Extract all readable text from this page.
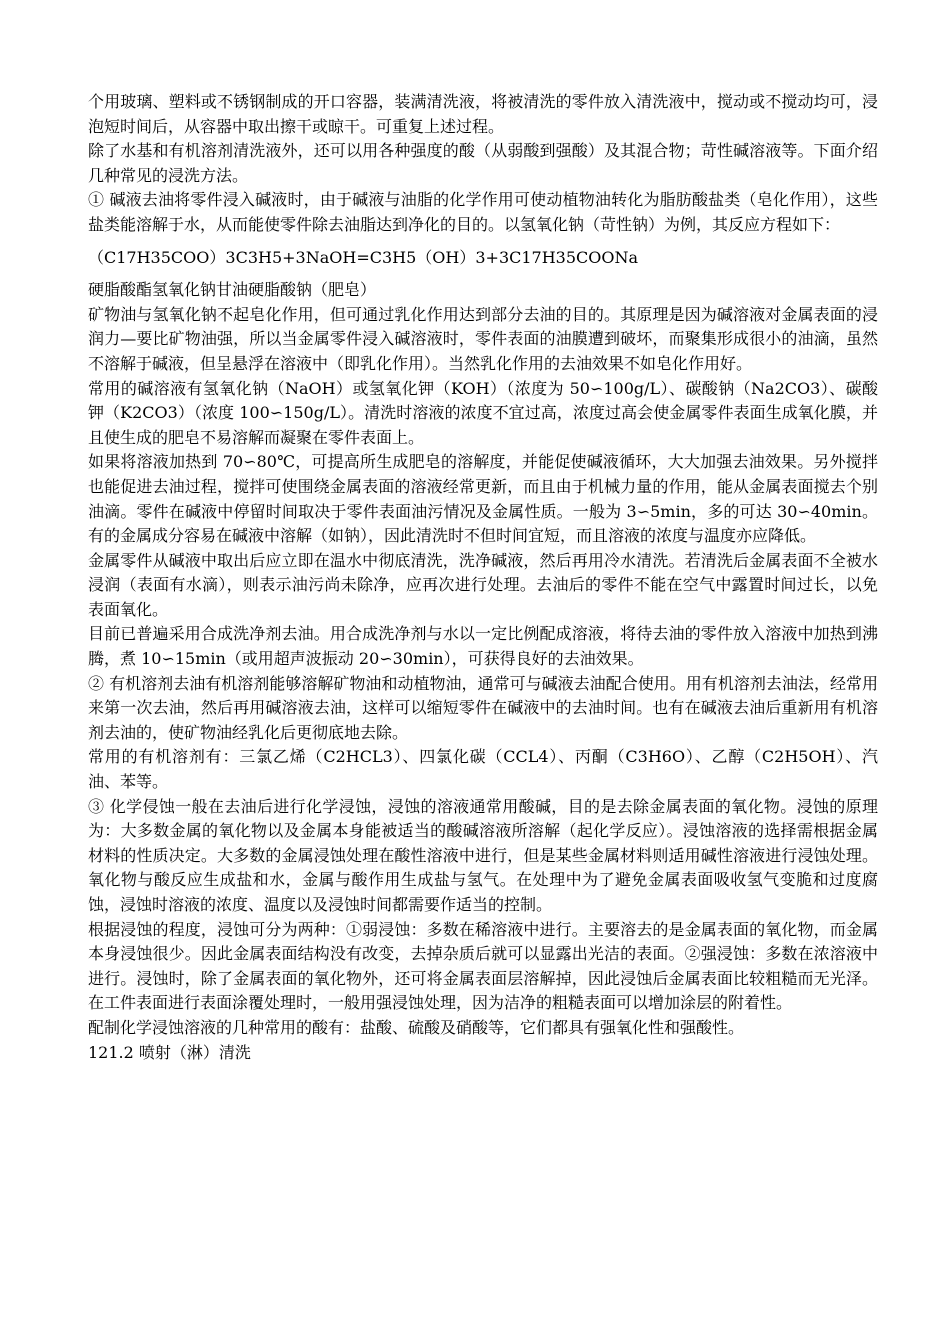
个用玻璃、塑料或不锈钢制成的开口容器，装满清洗液，将被清洗的零件放入清洗液中，搅动或不搅动均可，浸泡短时间后，从容器中取出擦干或晾干。可重复上述过程。

除了水基和有机溶剂清洗液外，还可以用各种强度的酸（从弱酸到强酸）及其混合物；苛性碱溶液等。下面介绍几种常见的浸洗方法。

① 碱液去油将零件浸入碱液时，由于碱液与油脂的化学作用可使动植物油转化为脂肪酸盐类（皂化作用），这些盐类能溶解于水，从而能使零件除去油脂达到净化的目的。以氢氧化钠（苛性钠）为例，其反应方程如下：

（C17H35COO）3C3H5+3NaOH=C3H5（OH）3+3C17H35COONa

硬脂酸酯氢氧化钠甘油硬脂酸钠（肥皂）

矿物油与氢氧化钠不起皂化作用，但可通过乳化作用达到部分去油的目的。其原理是因为碱溶液对金属表面的浸润力—要比矿物油强，所以当金属零件浸入碱溶液时，零件表面的油膜遭到破坏，而聚集形成很小的油滴，虽然不溶解于碱液，但呈悬浮在溶液中（即乳化作用）。当然乳化作用的去油效果不如皂化作用好。

常用的碱溶液有氢氧化钠（NaOH）或氢氧化钾（KOH）（浓度为 50∽100g/L）、碳酸钠（Na2CO3）、碳酸钾（K2CO3）（浓度 100∽150g/L）。清洗时溶液的浓度不宜过高，浓度过高会使金属零件表面生成氧化膜，并且使生成的肥皂不易溶解而凝聚在零件表面上。

如果将溶液加热到 70∽80℃，可提高所生成肥皂的溶解度，并能促使碱液循环，大大加强去油效果。另外搅拌也能促进去油过程，搅拌可使围绕金属表面的溶液经常更新，而且由于机械力量的作用，能从金属表面搅去个别油滴。零件在碱液中停留时间取决于零件表面油污情况及金属性质。一般为 3∽5min，多的可达 30∽40min。有的金属成分容易在碱液中溶解（如钠），因此清洗时不但时间宜短，而且溶液的浓度与温度亦应降低。

金属零件从碱液中取出后应立即在温水中彻底清洗，洗净碱液，然后再用冷水清洗。若清洗后金属表面不全被水浸润（表面有水滴），则表示油污尚未除净，应再次进行处理。去油后的零件不能在空气中露置时间过长，以免表面氧化。

目前已普遍采用合成洗净剂去油。用合成洗净剂与水以一定比例配成溶液，将待去油的零件放入溶液中加热到沸腾，煮 10∽15min（或用超声波振动 20∽30min），可获得良好的去油效果。

② 有机溶剂去油有机溶剂能够溶解矿物油和动植物油，通常可与碱液去油配合使用。用有机溶剂去油法，经常用来第一次去油，然后再用碱溶液去油，这样可以缩短零件在碱液中的去油时间。也有在碱液去油后重新用有机溶剂去油的，使矿物油经乳化后更彻底地去除。

常用的有机溶剂有：三氯乙烯（C2HCL3）、四氯化碳（CCL4）、丙酮（C3H6O）、乙醇（C2H5OH）、汽油、苯等。

③ 化学侵蚀一般在去油后进行化学浸蚀，浸蚀的溶液通常用酸碱，目的是去除金属表面的氧化物。浸蚀的原理为：大多数金属的氧化物以及金属本身能被适当的酸碱溶液所溶解（起化学反应）。浸蚀溶液的选择需根据金属材料的性质决定。大多数的金属浸蚀处理在酸性溶液中进行，但是某些金属材料则适用碱性溶液进行浸蚀处理。氧化物与酸反应生成盐和水，金属与酸作用生成盐与氢气。在处理中为了避免金属表面吸收氢气变脆和过度腐蚀，浸蚀时溶液的浓度、温度以及浸蚀时间都需要作适当的控制。

根据浸蚀的程度，浸蚀可分为两种：①弱浸蚀：多数在稀溶液中进行。主要溶去的是金属表面的氧化物，而金属本身浸蚀很少。因此金属表面结构没有改变，去掉杂质后就可以显露出光洁的表面。②强浸蚀：多数在浓溶液中进行。浸蚀时，除了金属表面的氧化物外，还可将金属表面层溶解掉，因此浸蚀后金属表面比较粗糙而无光泽。在工件表面进行表面涂覆处理时，一般用强浸蚀处理，因为洁净的粗糙表面可以增加涂层的附着性。

配制化学浸蚀溶液的几种常用的酸有：盐酸、硫酸及硝酸等，它们都具有强氧化性和强酸性。

121.2 喷射（淋）清洗
